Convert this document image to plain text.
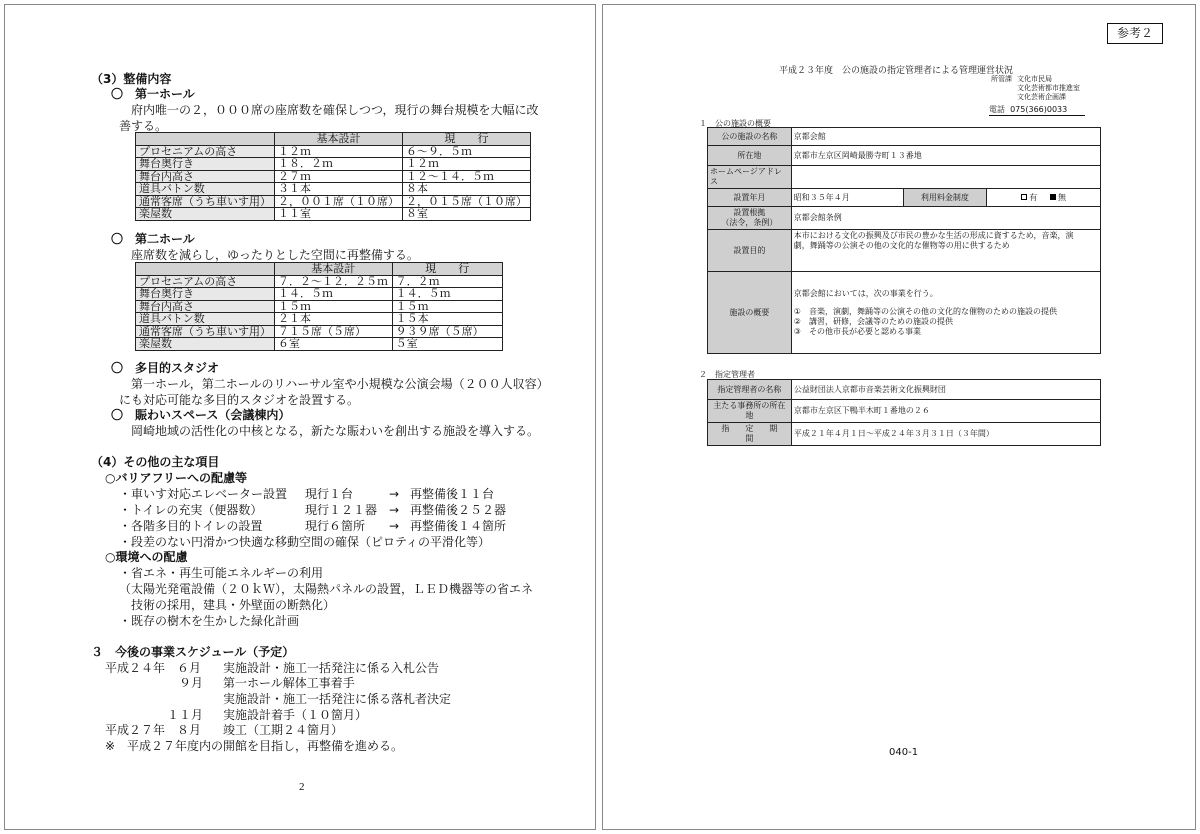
（3）整備内容
〇　第一ホール
府内唯一の２，０００席の座席数を確保しつつ，現行の舞台規模を大幅に改
善する。
	基本設計	現　　行
プロセニアムの高さ	１２ｍ	６～９．５ｍ
舞台奥行き	１８．２ｍ	１２ｍ
舞台内高さ	２７ｍ	１２～１４．５ｍ
道具バトン数	３１本	８本
通常客席（うち車いす用）	２，００１席（１０席）	２，０１５席（１０席）
楽屋数	１１室	８室
〇　第二ホール
座席数を減らし，ゆったりとした空間に再整備する。
	基本設計	現　　行
プロセニアムの高さ	７．２～１２．２５ｍ	７．２ｍ
舞台奥行き	１４．５ｍ	１４．５ｍ
舞台内高さ	１５ｍ	１５ｍ
道具バトン数	２１本	１５本
通常客席（うち車いす用）	７１５席（５席）	９３９席（５席）
楽屋数	６室	５室
〇　多目的スタジオ
第一ホール，第二ホールのリハーサル室や小規模な公演会場（２００人収容）
にも対応可能な多目的スタジオを設置する。
〇　賑わいスペース（会議棟内）
岡崎地域の活性化の中核となる，新たな賑わいを創出する施設を導入する。
（4）その他の主な項目
○バリアフリーへの配慮等
・車いす対応エレベーター設置 現行１台	→ 再整備後１１台
・トイレの充実（便器数）	現行１２１器 → 再整備後２５２器
・各階多目的トイレの設置	現行６箇所 → 再整備後１４箇所
・段差のない円滑かつ快適な移動空間の確保（ピロティの平滑化等）
○環境への配慮
・省エネ・再生可能エネルギーの利用
（太陽光発電設備（２０ｋＷ），太陽熱パネルの設置，ＬＥＤ機器等の省エネ
技術の採用，建具・外壁面の断熱化）
・既存の樹木を生かした緑化計画
３　今後の事業スケジュール（予定）
平成２４年　６月 実施設計・施工一括発注に係る入札公告
９月 第一ホール解体工事着手
実施設計・施工一括発注に係る落札者決定
１１月 実施設計着手（１０箇月）
平成２７年　８月 竣工（工期２４箇月）
※　平成２７年度内の開館を目指し，再整備を進める。
2
参考２
平成２３年度　公の施設の指定管理者による管理運営状況
所管課 文化市民局
文化芸術都市推進室
文化芸術企画課
電話 075(366)0033
１　公の施設の概要
公の施設の名称	京都会館		
所在地	京都市左京区岡崎最勝寺町１３番地		
ホームページアドレス			
設置年月	昭和３５年４月	利用料金制度	有 無

設置根拠
（法令，条例）	京都会館条例		
設置目的	本市における文化の振興及び市民の豊かな生活の形成に資するため，音楽，演
劇，舞踊等の公演その他の文化的な催物等の用に供するため		

施設の概要	京都会館においては，次の事業を行う。
①　音楽，演劇，舞踊等の公演その他の文化的な催物のための施設の提供
②　講習，研修，会議等のための施設の提供
③　その他市長が必要と認める事業		
２　指定管理者
指定管理者の名称	公益財団法人京都市音楽芸術文化振興財団
主たる事務所の所在地	京都市左京区下鴨半木町１番地の２６
指　　定　　期　　間	平成２１年４月１日～平成２４年３月３１日（３年間）
040-1
